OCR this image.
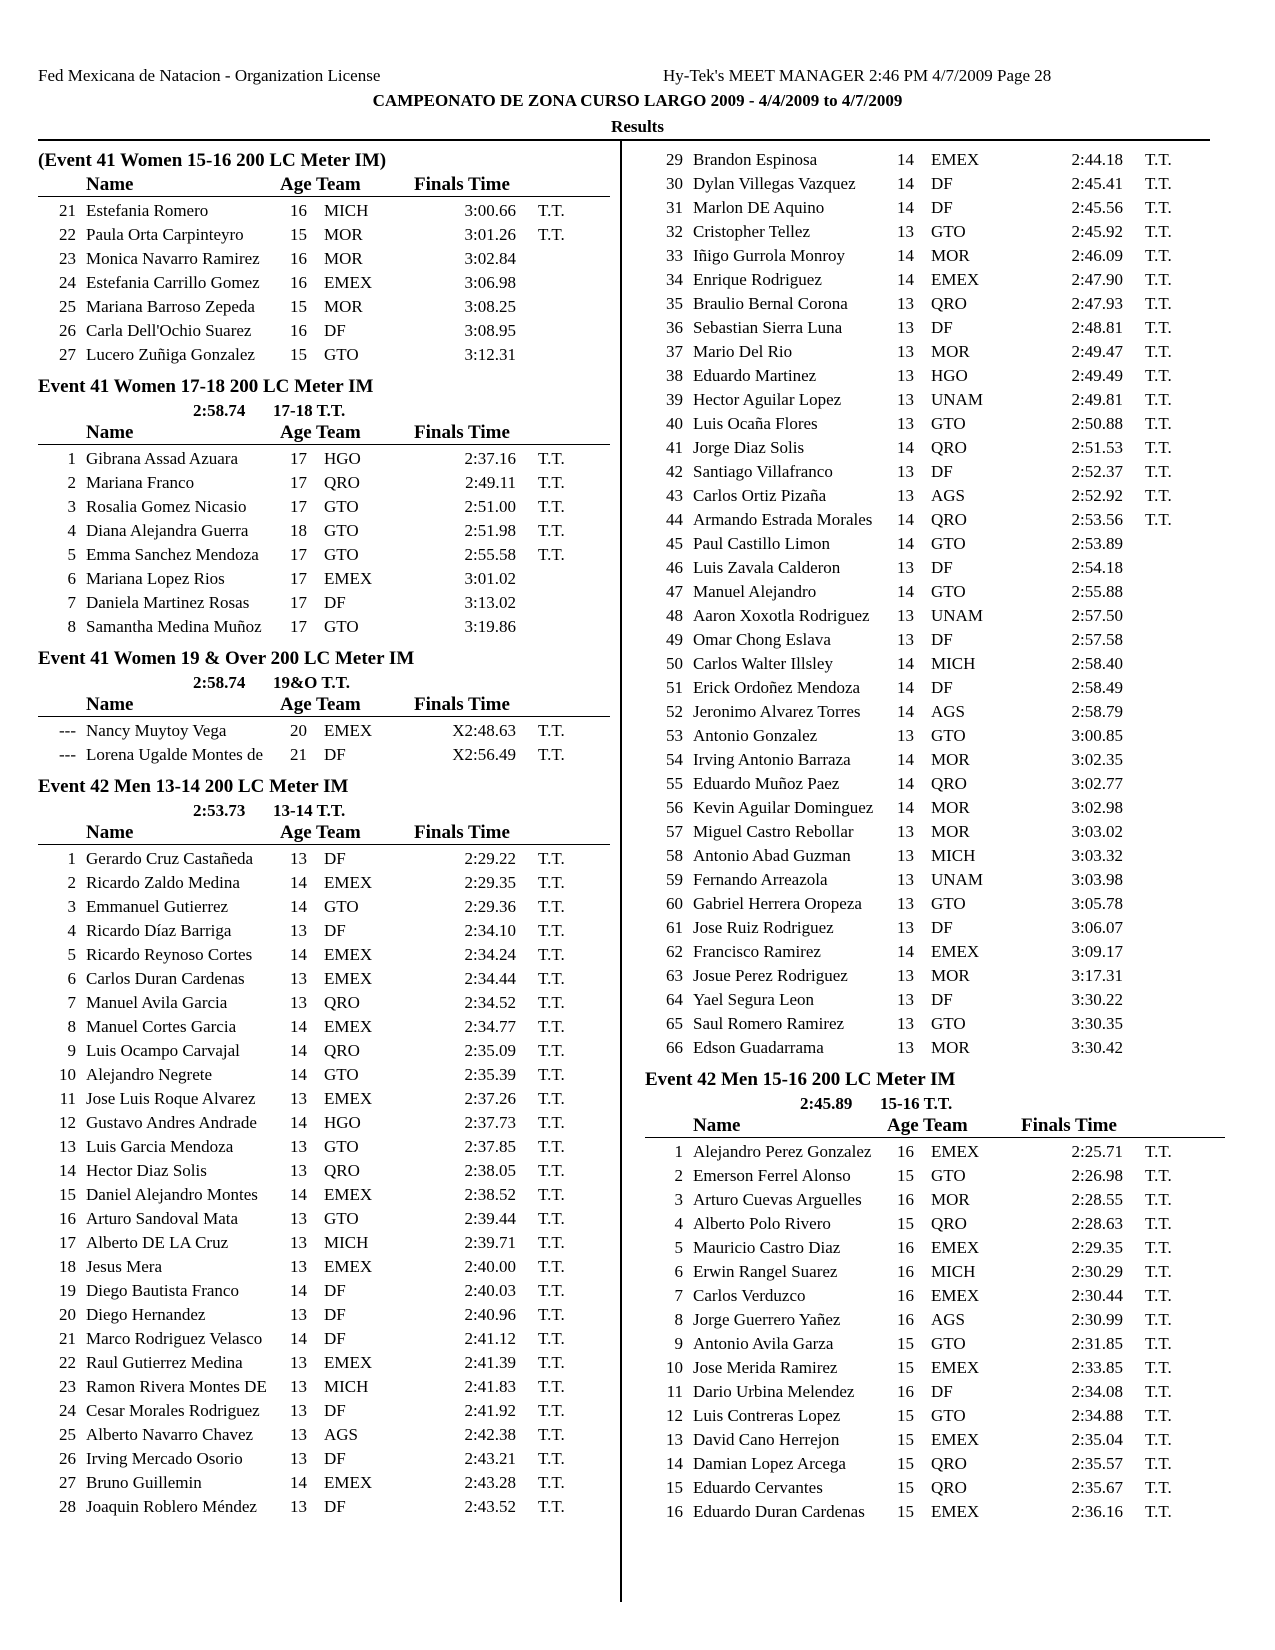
Fed Mexicana de Natacion - Organization License	Hy-Tek's MEET MANAGER 2:46 PM 4/7/2009 Page 28
CAMPEONATO DE ZONA CURSO LARGO 2009 - 4/4/2009 to 4/7/2009
Results
(Event 41 Women 15-16 200 LC Meter IM)
Name	Age Team	Finals Time
21 Estefania Romero	16 MICH	3:00.66 T.T.
22 Paula Orta Carpinteyro	15 MOR	3:01.26 T.T.
23 Monica Navarro Ramirez 16 MOR	3:02.84
24 Estefania Carrillo Gomez 16 EMEX	3:06.98
25 Mariana Barroso Zepeda 15 MOR	3:08.25
26 Carla Dell'Ochio Suarez 16 DF	3:08.95
27 Lucero Zuñiga Gonzalez 15 GTO	3:12.31
Event 41 Women 17-18 200 LC Meter IM
2:58.74 17-18 T.T.
Name	Age Team	Finals Time
1 Gibrana Assad Azuara	17 HGO	2:37.16 T.T.
2 Mariana Franco	17 QRO	2:49.11 T.T.
3 Rosalia Gomez Nicasio	17 GTO	2:51.00 T.T.
4 Diana Alejandra Guerra 18 GTO	2:51.98 T.T.
5 Emma Sanchez Mendoza 17 GTO	2:55.58 T.T.
6 Mariana Lopez Rios	17 EMEX	3:01.02
7 Daniela Martinez Rosas 17 DF	3:13.02
8 Samantha Medina Muñoz 17 GTO	3:19.86
Event 41 Women 19 & Over 200 LC Meter IM
2:58.74 19&O T.T.
Name	Age Team	Finals Time
--- Nancy Muytoy Vega	20 EMEX	X2:48.63 T.T.
--- Lorena Ugalde Montes de 21 DF	X2:56.49 T.T.
Event 42 Men 13-14 200 LC Meter IM
2:53.73 13-14 T.T.
Name	Age Team	Finals Time
1 Gerardo Cruz Castañeda 13 DF	2:29.22 T.T.
2 Ricardo Zaldo Medina	14 EMEX	2:29.35 T.T.
3 Emmanuel Gutierrez	14 GTO	2:29.36 T.T.
4 Ricardo Díaz Barriga	13 DF	2:34.10 T.T.
5 Ricardo Reynoso Cortes 14 EMEX	2:34.24 T.T.
6 Carlos Duran Cardenas	13 EMEX	2:34.44 T.T.
7 Manuel Avila Garcia	13 QRO	2:34.52 T.T.
8 Manuel Cortes Garcia	14 EMEX	2:34.77 T.T.
9 Luis Ocampo Carvajal	14 QRO	2:35.09 T.T.
10 Alejandro Negrete	14 GTO	2:35.39 T.T.
11 Jose Luis Roque Alvarez 13 EMEX	2:37.26 T.T.
12 Gustavo Andres Andrade 14 HGO	2:37.73 T.T.
13 Luis Garcia Mendoza	13 GTO	2:37.85 T.T.
14 Hector Diaz Solis	13 QRO	2:38.05 T.T.
15 Daniel Alejandro Montes 14 EMEX	2:38.52 T.T.
16 Arturo Sandoval Mata	13 GTO	2:39.44 T.T.
17 Alberto DE LA Cruz	13 MICH	2:39.71 T.T.
18 Jesus Mera	13 EMEX	2:40.00 T.T.
19 Diego Bautista Franco	14 DF	2:40.03 T.T.
20 Diego Hernandez	13 DF	2:40.96 T.T.
21 Marco Rodriguez Velasco 14 DF	2:41.12 T.T.
22 Raul Gutierrez Medina	13 EMEX	2:41.39 T.T.
23 Ramon Rivera Montes DE 13 MICH	2:41.83 T.T.
24 Cesar Morales Rodriguez 13 DF	2:41.92 T.T.
25 Alberto Navarro Chavez 13 AGS	2:42.38 T.T.
26 Irving Mercado Osorio	13 DF	2:43.21 T.T.
27 Bruno Guillemin	14 EMEX	2:43.28 T.T.
28 Joaquin Roblero Méndez 13 DF	2:43.52 T.T.
29 Brandon Espinosa	14 EMEX	2:44.18 T.T.
30 Dylan Villegas Vazquez 14 DF	2:45.41 T.T.
31 Marlon DE Aquino	14 DF	2:45.56 T.T.
32 Cristopher Tellez	13 GTO	2:45.92 T.T.
33 Iñigo Gurrola Monroy	14 MOR	2:46.09 T.T.
34 Enrique Rodriguez	14 EMEX	2:47.90 T.T.
35 Braulio Bernal Corona	13 QRO	2:47.93 T.T.
36 Sebastian Sierra Luna	13 DF	2:48.81 T.T.
37 Mario Del Rio	13 MOR	2:49.47 T.T.
38 Eduardo Martinez	13 HGO	2:49.49 T.T.
39 Hector Aguilar Lopez	13 UNAM	2:49.81 T.T.
40 Luis Ocaña Flores	13 GTO	2:50.88 T.T.
41 Jorge Diaz Solis	14 QRO	2:51.53 T.T.
42 Santiago Villafranco	13 DF	2:52.37 T.T.
43 Carlos Ortiz Pizaña	13 AGS	2:52.92 T.T.
44 Armando Estrada Morales 14 QRO	2:53.56 T.T.
45 Paul Castillo Limon	14 GTO	2:53.89
46 Luis Zavala Calderon	13 DF	2:54.18
47 Manuel Alejandro	14 GTO	2:55.88
48 Aaron Xoxotla Rodriguez 13 UNAM	2:57.50
49 Omar Chong Eslava	13 DF	2:57.58
50 Carlos Walter Illsley	14 MICH	2:58.40
51 Erick Ordoñez Mendoza 14 DF	2:58.49
52 Jeronimo Alvarez Torres 14 AGS	2:58.79
53 Antonio Gonzalez	13 GTO	3:00.85
54 Irving Antonio Barraza	14 MOR	3:02.35
55 Eduardo Muñoz Paez	14 QRO	3:02.77
56 Kevin Aguilar Dominguez 14 MOR	3:02.98
57 Miguel Castro Rebollar	13 MOR	3:03.02
58 Antonio Abad Guzman	13 MICH	3:03.32
59 Fernando Arreazola	13 UNAM	3:03.98
60 Gabriel Herrera Oropeza 13 GTO	3:05.78
61 Jose Ruiz Rodriguez	13 DF	3:06.07
62 Francisco Ramirez	14 EMEX	3:09.17
63 Josue Perez Rodriguez	13 MOR	3:17.31
64 Yael Segura Leon	13 DF	3:30.22
65 Saul Romero Ramirez	13 GTO	3:30.35
66 Edson Guadarrama	13 MOR	3:30.42
Event 42 Men 15-16 200 LC Meter IM
2:45.89 15-16 T.T.
Name	Age Team	Finals Time
1 Alejandro Perez Gonzalez 16 EMEX	2:25.71 T.T.
2 Emerson Ferrel Alonso	15 GTO	2:26.98 T.T.
3 Arturo Cuevas Arguelles 16 MOR	2:28.55 T.T.
4 Alberto Polo Rivero	15 QRO	2:28.63 T.T.
5 Mauricio Castro Diaz	16 EMEX	2:29.35 T.T.
6 Erwin Rangel Suarez	16 MICH	2:30.29 T.T.
7 Carlos Verduzco	16 EMEX	2:30.44 T.T.
8 Jorge Guerrero Yañez	16 AGS	2:30.99 T.T.
9 Antonio Avila Garza	15 GTO	2:31.85 T.T.
10 Jose Merida Ramirez	15 EMEX	2:33.85 T.T.
11 Dario Urbina Melendez	16 DF	2:34.08 T.T.
12 Luis Contreras Lopez	15 GTO	2:34.88 T.T.
13 David Cano Herrejon	15 EMEX	2:35.04 T.T.
14 Damian Lopez Arcega	15 QRO	2:35.57 T.T.
15 Eduardo Cervantes	15 QRO	2:35.67 T.T.
16 Eduardo Duran Cardenas 15 EMEX	2:36.16 T.T.
